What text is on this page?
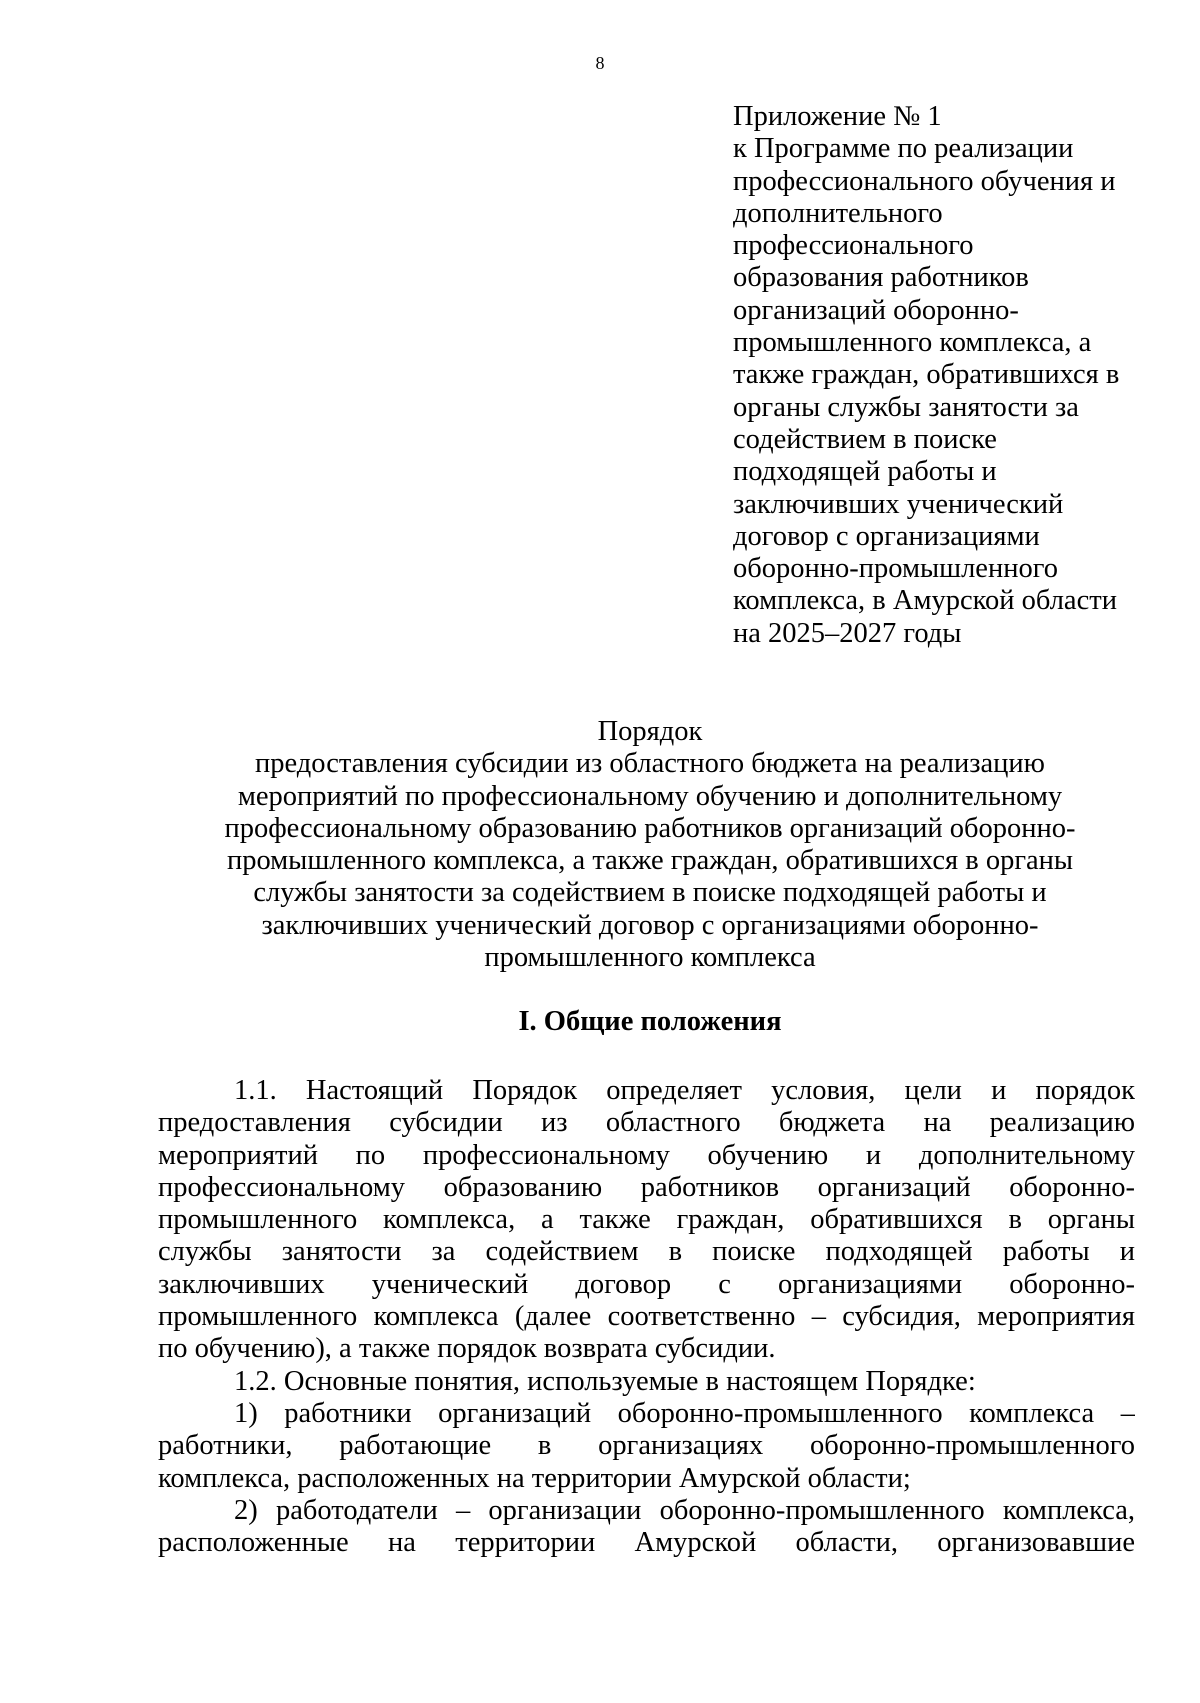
8
Приложение № 1
к Программе по реализации
профессионального обучения и
дополнительного
профессионального
образования работников
организаций оборонно-
промышленного комплекса, а
также граждан, обратившихся в
органы службы занятости за
содействием в поиске
подходящей работы и
заключивших ученический
договор с организациями
оборонно-промышленного
комплекса, в Амурской области
на 2025–2027 годы
Порядок
предоставления субсидии из областного бюджета на реализацию
мероприятий по профессиональному обучению и дополнительному
профессиональному образованию работников организаций оборонно-
промышленного комплекса, а также граждан, обратившихся в органы
службы занятости за содействием в поиске подходящей работы и
заключивших ученический договор с организациями оборонно-
промышленного комплекса
I. Общие положения
1.1. Настоящий Порядок определяет условия, цели и порядок
предоставления субсидии из областного бюджета на реализацию
мероприятий по профессиональному обучению и дополнительному
профессиональному образованию работников организаций оборонно-
промышленного комплекса, а также граждан, обратившихся в органы
службы занятости за содействием в поиске подходящей работы и
заключивших ученический договор с организациями оборонно-
промышленного комплекса (далее соответственно – субсидия, мероприятия
по обучению), а также порядок возврата субсидии.
1.2. Основные понятия, используемые в настоящем Порядке:
1) работники организаций оборонно-промышленного комплекса –
работники, работающие в организациях оборонно-промышленного
комплекса, расположенных на территории Амурской области;
2) работодатели – организации оборонно-промышленного комплекса,
расположенные на территории Амурской области, организовавшие
